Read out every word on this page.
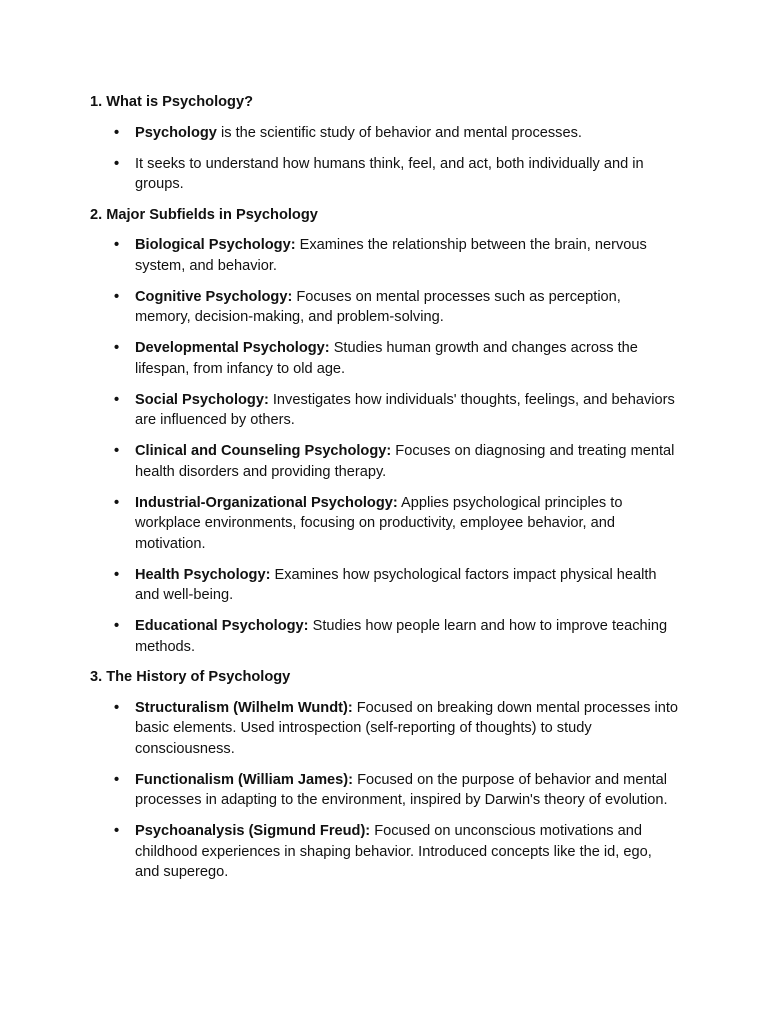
1. What is Psychology?
• Psychology is the scientific study of behavior and mental processes.
• It seeks to understand how humans think, feel, and act, both individually and in groups.
2. Major Subfields in Psychology
• Biological Psychology: Examines the relationship between the brain, nervous system, and behavior.
• Cognitive Psychology: Focuses on mental processes such as perception, memory, decision-making, and problem-solving.
• Developmental Psychology: Studies human growth and changes across the lifespan, from infancy to old age.
• Social Psychology: Investigates how individuals' thoughts, feelings, and behaviors are influenced by others.
• Clinical and Counseling Psychology: Focuses on diagnosing and treating mental health disorders and providing therapy.
• Industrial-Organizational Psychology: Applies psychological principles to workplace environments, focusing on productivity, employee behavior, and motivation.
• Health Psychology: Examines how psychological factors impact physical health and well-being.
• Educational Psychology: Studies how people learn and how to improve teaching methods.
3. The History of Psychology
• Structuralism (Wilhelm Wundt): Focused on breaking down mental processes into basic elements. Used introspection (self-reporting of thoughts) to study consciousness.
• Functionalism (William James): Focused on the purpose of behavior and mental processes in adapting to the environment, inspired by Darwin's theory of evolution.
• Psychoanalysis (Sigmund Freud): Focused on unconscious motivations and childhood experiences in shaping behavior. Introduced concepts like the id, ego, and superego.
